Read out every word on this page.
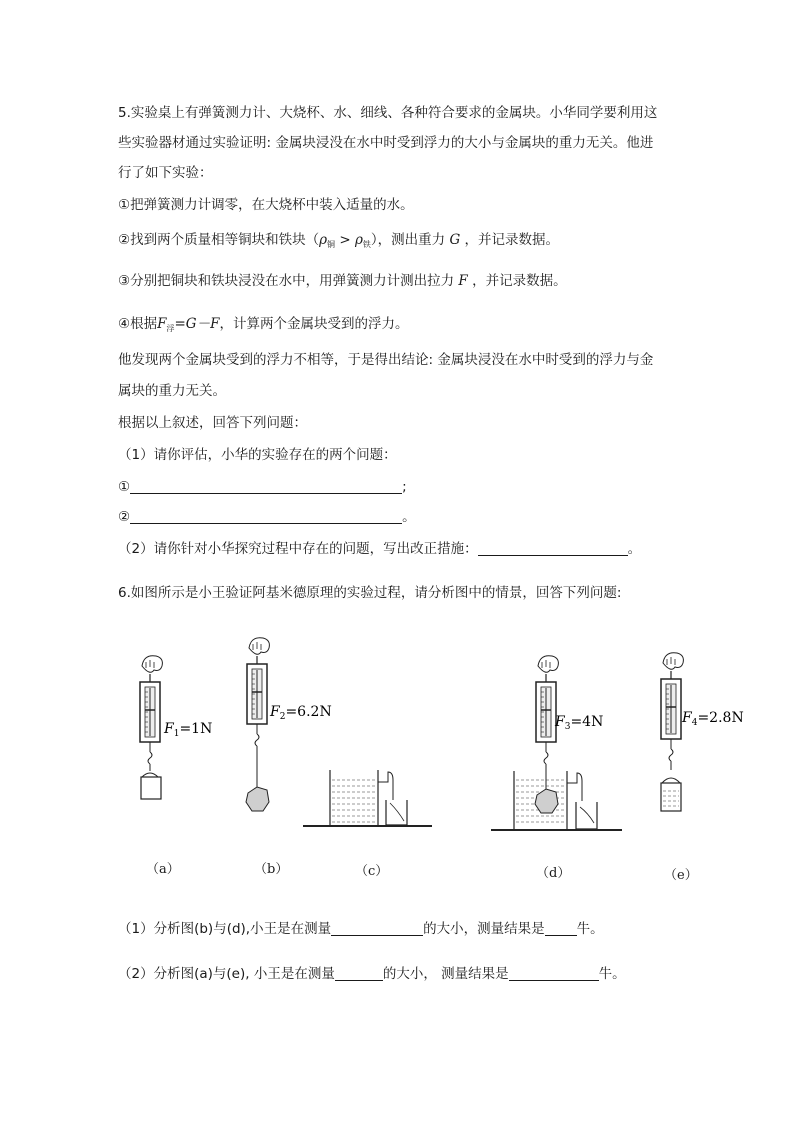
5.实验桌上有弹簧测力计、大烧杯、水、细线、各种符合要求的金属块。小华同学要利用这
些实验器材通过实验证明: 金属块浸没在水中时受到浮力的大小与金属块的重力无关。他进
行了如下实验：
①把弹簧测力计调零，在大烧杯中装入适量的水。
②找到两个质量相等铜块和铁块$(\rho_铜 > \rho_铁)$，测出重力 G ，并记录数据。
③分别把铜块和铁块浸没在水中，用弹簧测力计测出拉力 F ，并记录数据。
④根据$F_浮=G-F$，计算两个金属块受到的浮力。
他发现两个金属块受到的浮力不相等，于是得出结论: 金属块浸没在水中时受到的浮力与金
属块的重力无关。
根据以上叙述，回答下列问题：
（1）请你评估，小华的实验存在的两个问题：
①	;
②	。
（2）请你针对小华探究过程中存在的问题，写出改正措施：	。
6.如图所示是小王验证阿基米德原理的实验过程，请分析图中的情景，回答下列问题:
$F_1=1N$
$F_2=6.2N$
$F_3=4N$	$F_4=2.8N$
（a）	（b）	（c）	（d）	（e）
（1）分析图(b)与(d),小王是在测量	的大小，测量结果是 牛。
（2）分析图(a)与(e), 小王是在测量	的大小， 测量结果是	牛。
